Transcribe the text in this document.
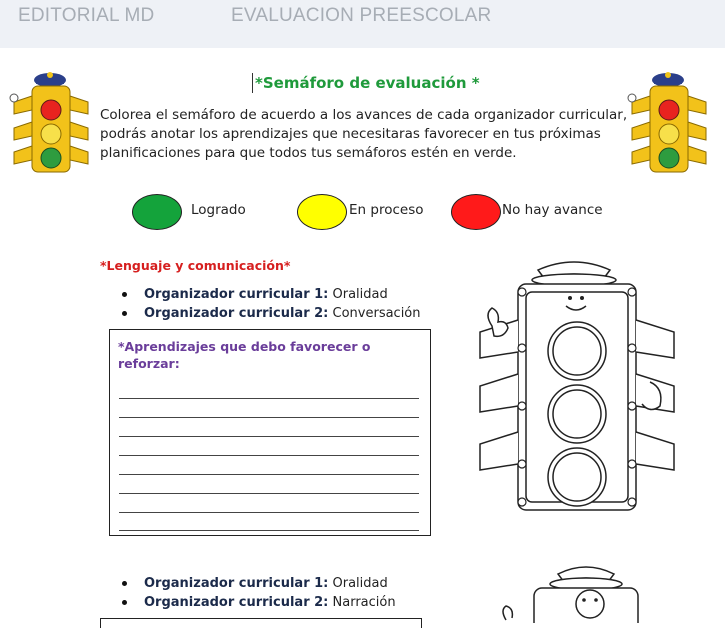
EDITORIAL MD	EVALUACION PREESCOLAR
*Semáforo de evaluación *
Colorea el semáforo de acuerdo a los avances de cada organizador curricular, podrás anotar los aprendizajes que necesitaras favorecer en tus próximas planificaciones para que todos tus semáforos estén en verde.
Logrado	En proceso	No hay avance
*Lenguaje y comunicación*
Organizador curricular 1: Oralidad
Organizador curricular 2: Conversación
*Aprendizajes que debo favorecer o reforzar:
Organizador curricular 1: Oralidad
Organizador curricular 2: Narración
